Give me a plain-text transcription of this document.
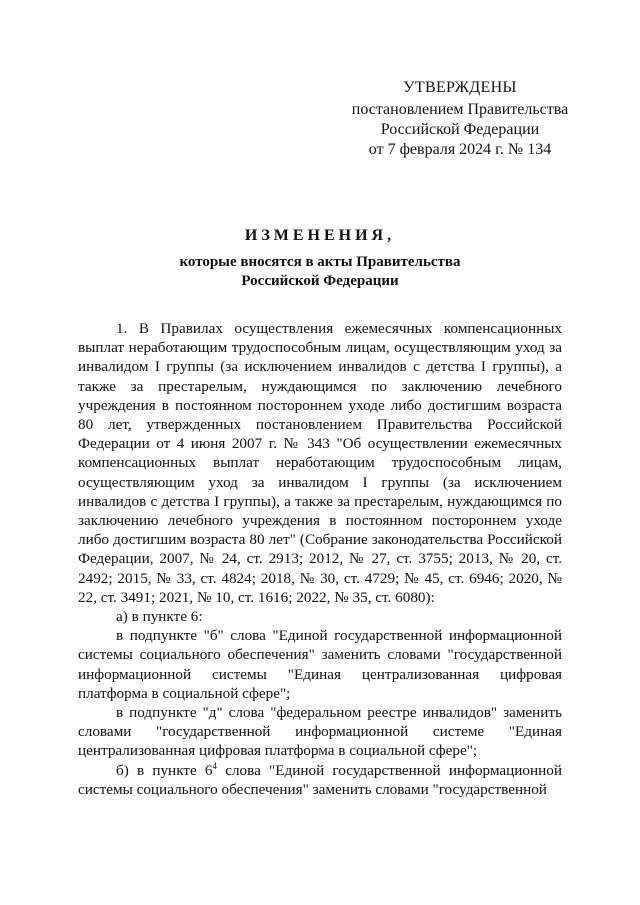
УТВЕРЖДЕНЫ
постановлением Правительства
Российской Федерации
от 7 февраля 2024 г. № 134
ИЗМЕНЕНИЯ,
которые вносятся в акты Правительства
Российской Федерации

1. В Правилах осуществления ежемесячных компенсационных выплат неработающим трудоспособным лицам, осуществляющим уход за инвалидом I группы (за исключением инвалидов с детства I группы), а также за престарелым, нуждающимся по заключению лечебного учреждения в постоянном постороннем уходе либо достигшим возраста 80 лет, утвержденных постановлением Правительства Российской Федерации от 4 июня 2007 г. № 343 "Об осуществлении ежемесячных компенсационных выплат неработающим трудоспособным лицам, осуществляющим уход за инвалидом I группы (за исключением инвалидов с детства I группы), а также за престарелым, нуждающимся по заключению лечебного учреждения в постоянном постороннем уходе либо достигшим возраста 80 лет" (Собрание законодательства Российской Федерации, 2007, № 24, ст. 2913; 2012, № 27, ст. 3755; 2013, № 20, ст. 2492; 2015, № 33, ст. 4824; 2018, № 30, ст. 4729; № 45, ст. 6946; 2020, № 22, ст. 3491; 2021, № 10, ст. 1616; 2022, № 35, ст. 6080):

а) в пункте 6:

в подпункте "б" слова "Единой государственной информационной системы социального обеспечения" заменить словами "государственной информационной системы "Единая централизованная цифровая платформа в социальной сфере";

в подпункте "д" слова "федеральном реестре инвалидов" заменить словами "государственной информационной системе "Единая централизованная цифровая платформа в социальной сфере";

б) в пункте $6^4$ слова "Единой государственной информационной системы социального обеспечения" заменить словами "государственной
